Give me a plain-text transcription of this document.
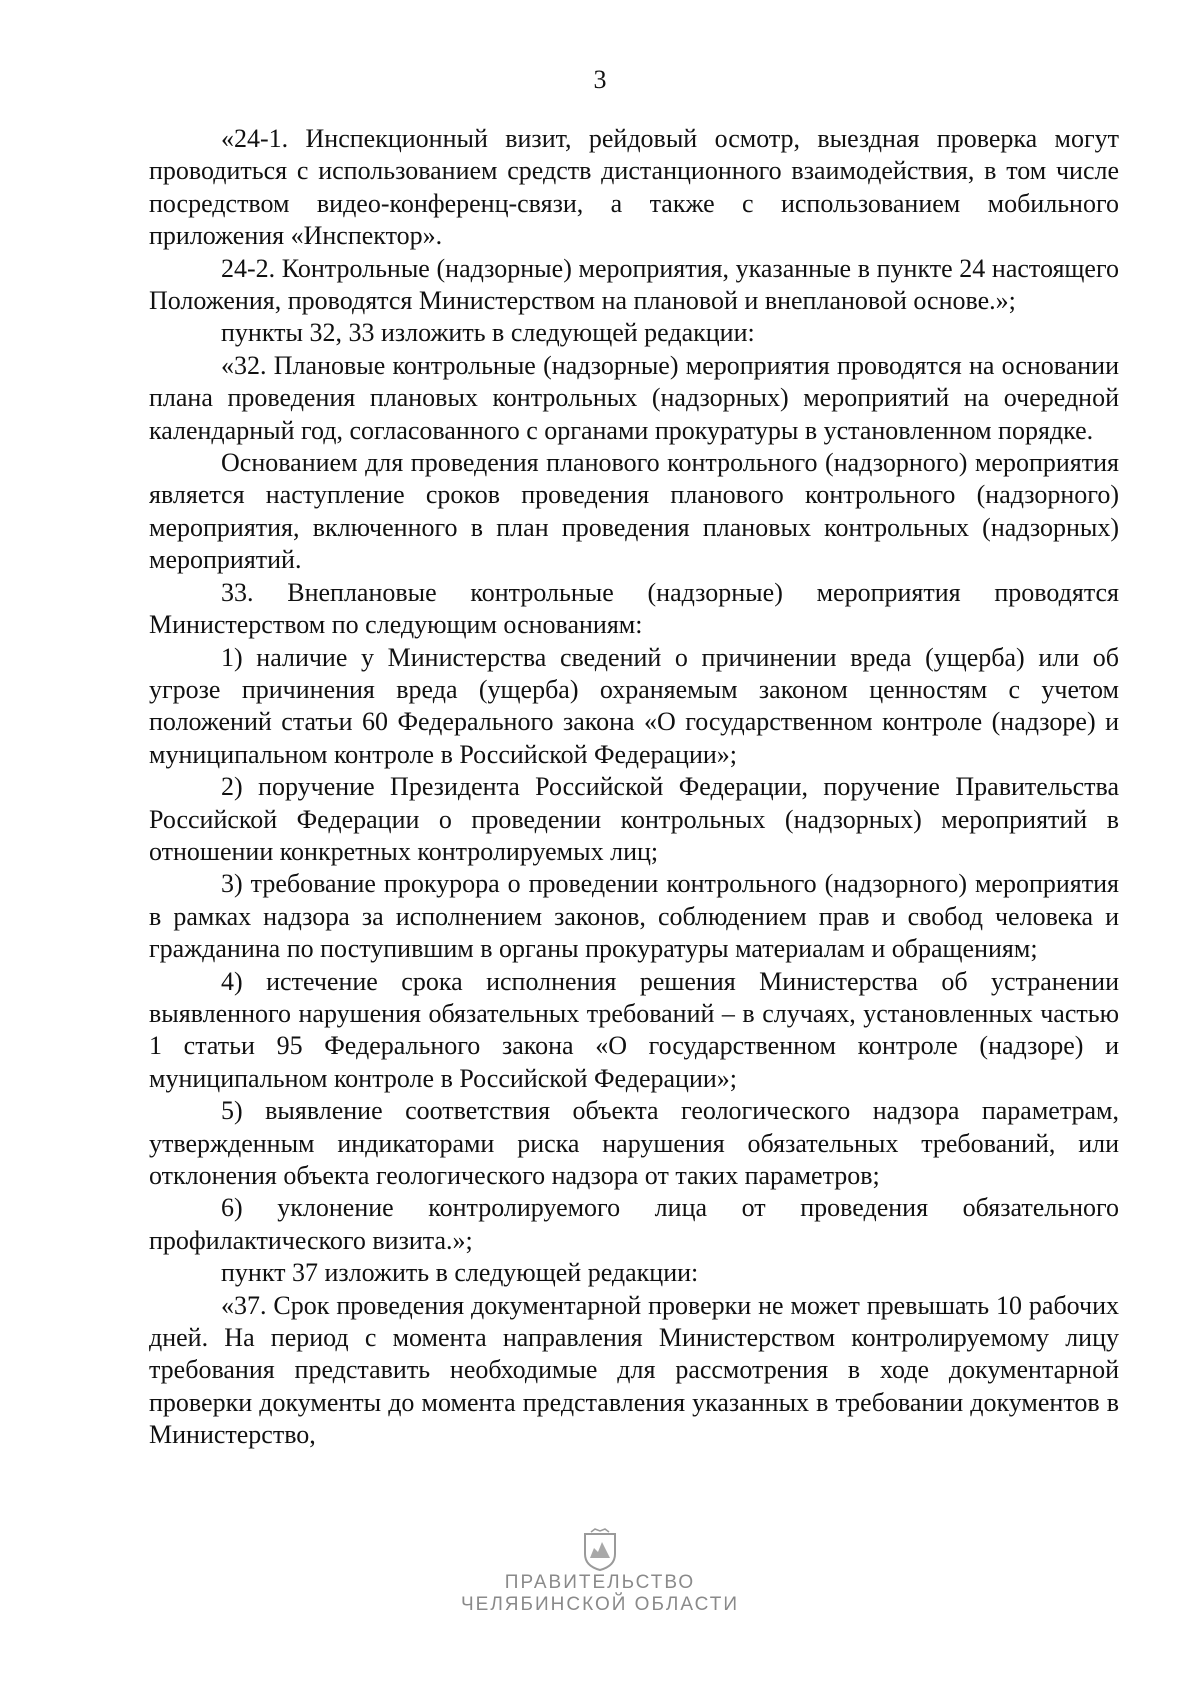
3

«24-1. Инспекционный визит, рейдовый осмотр, выездная проверка могут проводиться с использованием средств дистанционного взаимодействия, в том числе посредством видео-конференц-связи, а также с использованием мобильного приложения «Инспектор».

24-2. Контрольные (надзорные) мероприятия, указанные в пункте 24 настоящего Положения, проводятся Министерством на плановой и внеплановой основе.»;

пункты 32, 33 изложить в следующей редакции:

«32. Плановые контрольные (надзорные) мероприятия проводятся на основании плана проведения плановых контрольных (надзорных) мероприятий на очередной календарный год, согласованного с органами прокуратуры в установленном порядке.

Основанием для проведения планового контрольного (надзорного) мероприятия является наступление сроков проведения планового контрольного (надзорного) мероприятия, включенного в план проведения плановых контрольных (надзорных) мероприятий.

33. Внеплановые контрольные (надзорные) мероприятия проводятся Министерством по следующим основаниям:

1) наличие у Министерства сведений о причинении вреда (ущерба) или об угрозе причинения вреда (ущерба) охраняемым законом ценностям с учетом положений статьи 60 Федерального закона «О государственном контроле (надзоре) и муниципальном контроле в Российской Федерации»;

2) поручение Президента Российской Федерации, поручение Правительства Российской Федерации о проведении контрольных (надзорных) мероприятий в отношении конкретных контролируемых лиц;

3) требование прокурора о проведении контрольного (надзорного) мероприятия в рамках надзора за исполнением законов, соблюдением прав и свобод человека и гражданина по поступившим в органы прокуратуры материалам и обращениям;

4) истечение срока исполнения решения Министерства об устранении выявленного нарушения обязательных требований – в случаях, установленных частью 1 статьи 95 Федерального закона «О государственном контроле (надзоре) и муниципальном контроле в Российской Федерации»;

5) выявление соответствия объекта геологического надзора параметрам, утвержденным индикаторами риска нарушения обязательных требований, или отклонения объекта геологического надзора от таких параметров;

6) уклонение контролируемого лица от проведения обязательного профилактического визита.»;

пункт 37 изложить в следующей редакции:

«37. Срок проведения документарной проверки не может превышать 10 рабочих дней. На период с момента направления Министерством контролируемому лицу требования представить необходимые для рассмотрения в ходе документарной проверки документы до момента представления указанных в требовании документов в Министерство,

ПРАВИТЕЛЬСТВО
ЧЕЛЯБИНСКОЙ ОБЛАСТИ
